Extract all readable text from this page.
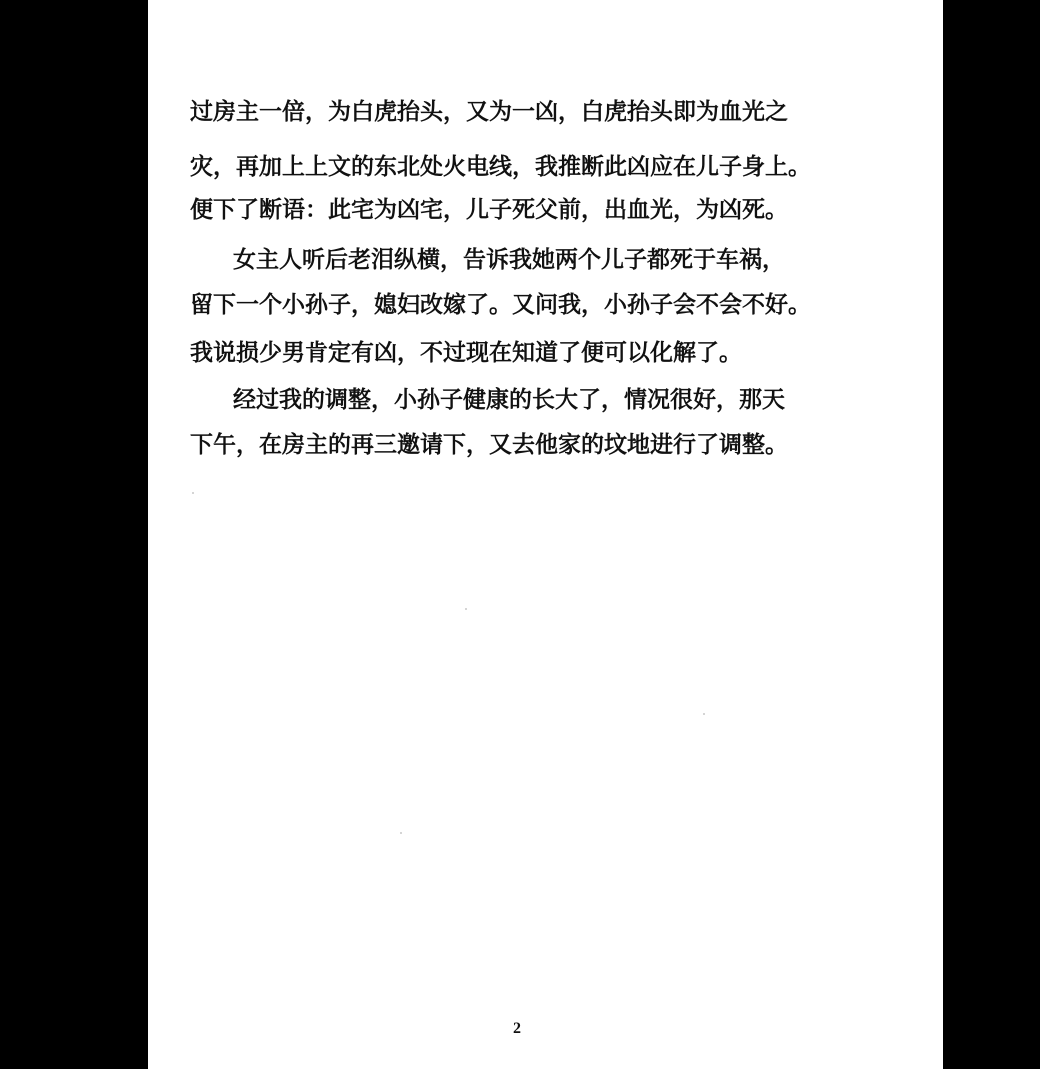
过房主一倍，为白虎抬头，又为一凶，白虎抬头即为血光之
灾，再加上上文的东北处火电线，我推断此凶应在儿子身上。
便下了断语：此宅为凶宅，儿子死父前，出血光，为凶死。
女主人听后老泪纵横，告诉我她两个儿子都死于车祸，
留下一个小孙子，媳妇改嫁了。又问我，小孙子会不会不好。
我说损少男肯定有凶，不过现在知道了便可以化解了。
经过我的调整，小孙子健康的长大了，情况很好，那天
下午，在房主的再三邀请下，又去他家的坟地进行了调整。
2
